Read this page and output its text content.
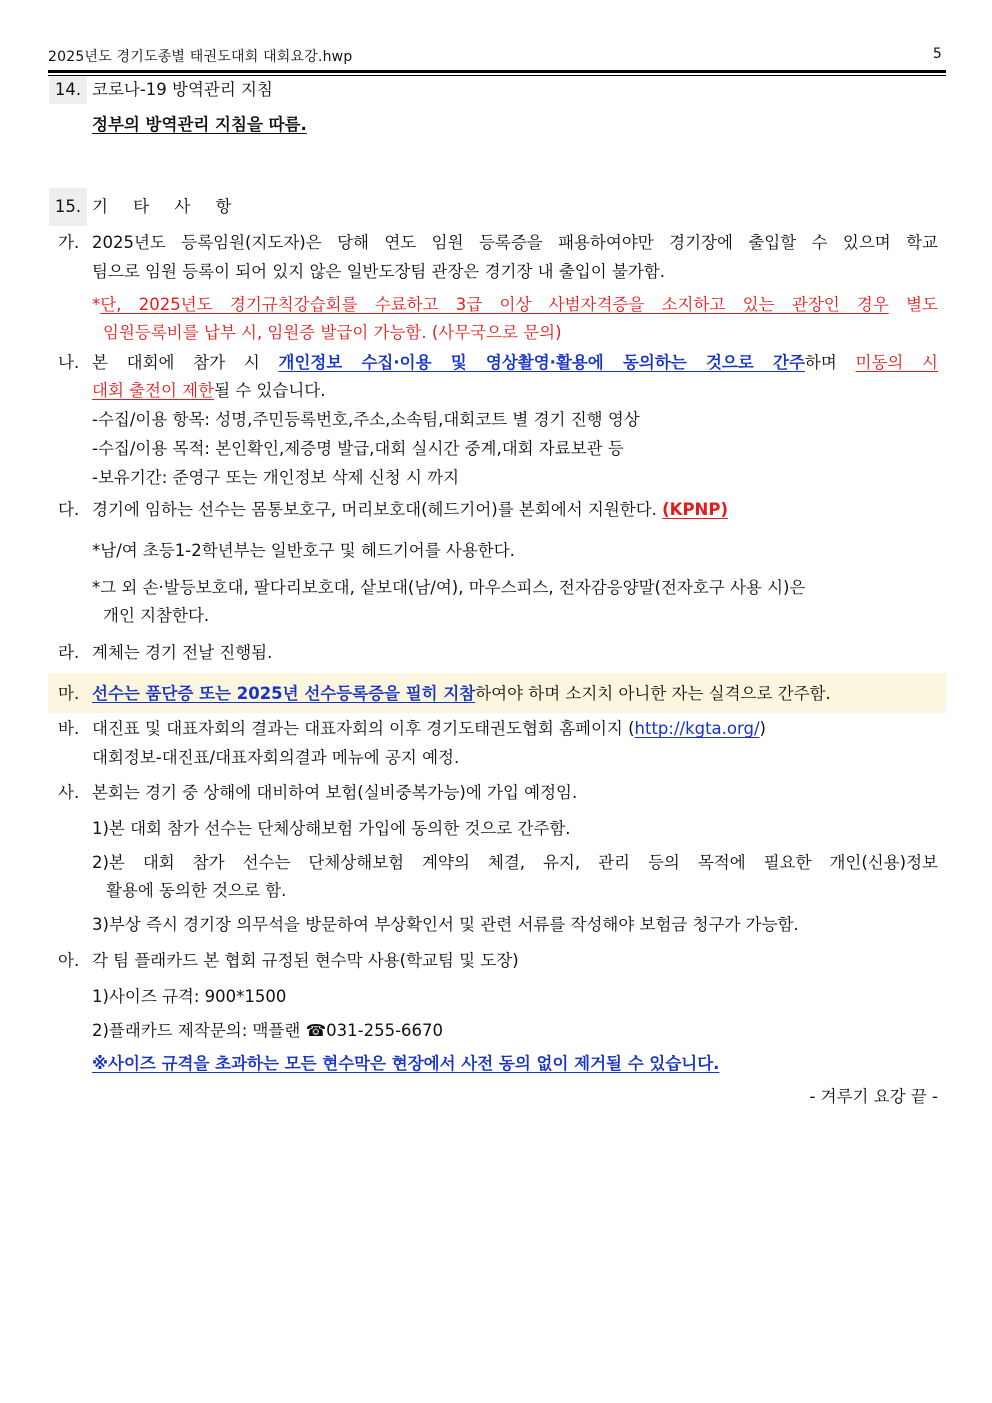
2025년도 경기도종별 태권도대회 대회요강.hwp	5
14. 코로나-19 방역관리 지침
정부의 방역관리 지침을 따름.
15. 기 타 사 항
가. 2025년도 등록임원(지도자)은 당해 연도 임원 등록증을 패용하여야만 경기장에 출입할 수 있으며 학교
팀으로 임원 등록이 되어 있지 않은 일반도장팀 관장은 경기장 내 출입이 불가함.
*단, 2025년도 경기규칙강습회를 수료하고 3급 이상 사범자격증을 소지하고 있는 관장인 경우 별도
임원등록비를 납부 시, 임원증 발급이 가능함. (사무국으로 문의)
나. 본 대회에 참가 시 개인정보 수집·이용 및 영상촬영·활용에 동의하는 것으로 간주하며 미동의 시
대회 출전이 제한될 수 있습니다.
-수집/이용 항목: 성명,주민등록번호,주소,소속팀,대회코트 별 경기 진행 영상
-수집/이용 목적: 본인확인,제증명 발급,대회 실시간 중계,대회 자료보관 등
-보유기간: 준영구 또는 개인정보 삭제 신청 시 까지
다. 경기에 임하는 선수는 몸통보호구, 머리보호대(헤드기어)를 본회에서 지원한다. (KPNP)
*남/여 초등1-2학년부는 일반호구 및 헤드기어를 사용한다.
*그 외 손·발등보호대, 팔다리보호대, 샅보대(남/여), 마우스피스, 전자감응양말(전자호구 사용 시)은
개인 지참한다.
라. 계체는 경기 전날 진행됨.
마. 선수는 품단증 또는 2025년 선수등록증을 필히 지참하여야 하며 소지치 아니한 자는 실격으로 간주함.
바. 대진표 및 대표자회의 결과는 대표자회의 이후 경기도태권도협회 홈페이지 (http://kgta.org/)
대회정보-대진표/대표자회의결과 메뉴에 공지 예정.
사. 본회는 경기 중 상해에 대비하여 보험(실비중복가능)에 가입 예정임.
1)본 대회 참가 선수는 단체상해보험 가입에 동의한 것으로 간주함.
2)본 대회 참가 선수는 단체상해보험 계약의 체결, 유지, 관리 등의 목적에 필요한 개인(신용)정보
활용에 동의한 것으로 함.
3)부상 즉시 경기장 의무석을 방문하여 부상확인서 및 관련 서류를 작성해야 보험금 청구가 가능함.
아. 각 팀 플래카드 본 협회 규정된 현수막 사용(학교팀 및 도장)
1)사이즈 규격: 900*1500
2)플래카드 제작문의: 맥플랜 ☎031-255-6670
※사이즈 규격을 초과하는 모든 현수막은 현장에서 사전 동의 없이 제거될 수 있습니다.
- 겨루기 요강 끝 -
